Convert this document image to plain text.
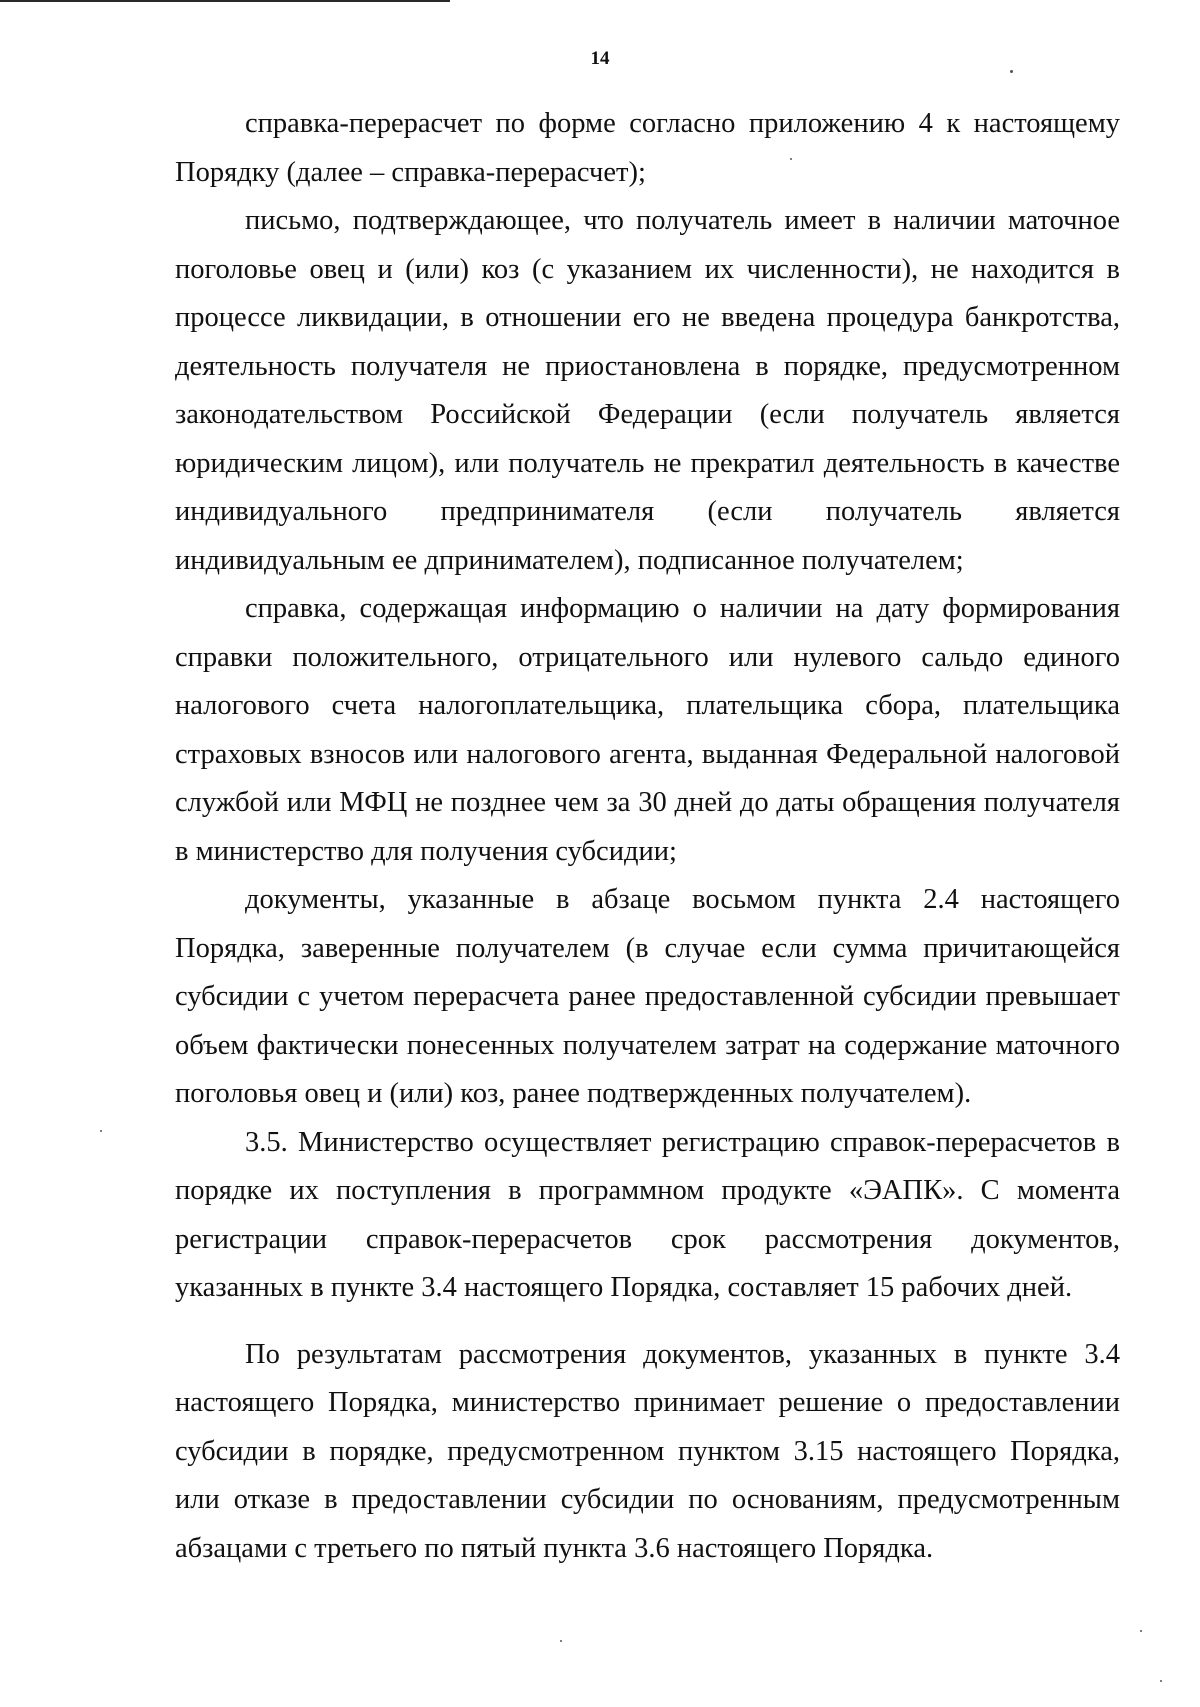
14

справка-перерасчет по форме согласно приложению 4 к настоящему Порядку (далее – справка-перерасчет);

письмо, подтверждающее, что получатель имеет в наличии маточное поголовье овец и (или) коз (с указанием их численности), не находится в процессе ликвидации, в отношении его не введена процедура банкротства, деятельность получателя не приостановлена в порядке, предусмотренном законодательством Российской Федерации (если получатель является юридическим лицом), или получатель не прекратил деятельность в качестве индивидуального предпринимателя (если получатель является индивидуальным ее дпринимателем), подписанное получателем;

справка, содержащая информацию о наличии на дату формирования справки положительного, отрицательного или нулевого сальдо единого налогового счета налогоплательщика, плательщика сбора, плательщика страховых взносов или налогового агента, выданная Федеральной налоговой службой или МФЦ не позднее чем за 30 дней до даты обращения получателя в министерство для получения субсидии;

документы, указанные в абзаце восьмом пункта 2.4 настоящего Порядка, заверенные получателем (в случае если сумма причитающейся субсидии с учетом перерасчета ранее предоставленной субсидии превышает объем фактически понесенных получателем затрат на содержание маточного поголовья овец и (или) коз, ранее подтвержденных получателем).

3.5. Министерство осуществляет регистрацию справок-перерасчетов в порядке их поступления в программном продукте «ЭАПК». С момента регистрации справок-перерасчетов срок рассмотрения документов, указанных в пункте 3.4 настоящего Порядка, составляет 15 рабочих дней.

По результатам рассмотрения документов, указанных в пункте 3.4 настоящего Порядка, министерство принимает решение о предоставлении субсидии в порядке, предусмотренном пунктом 3.15 настоящего Порядка, или отказе в предоставлении субсидии по основаниям, предусмотренным абзацами с третьего по пятый пункта 3.6 настоящего Порядка.
